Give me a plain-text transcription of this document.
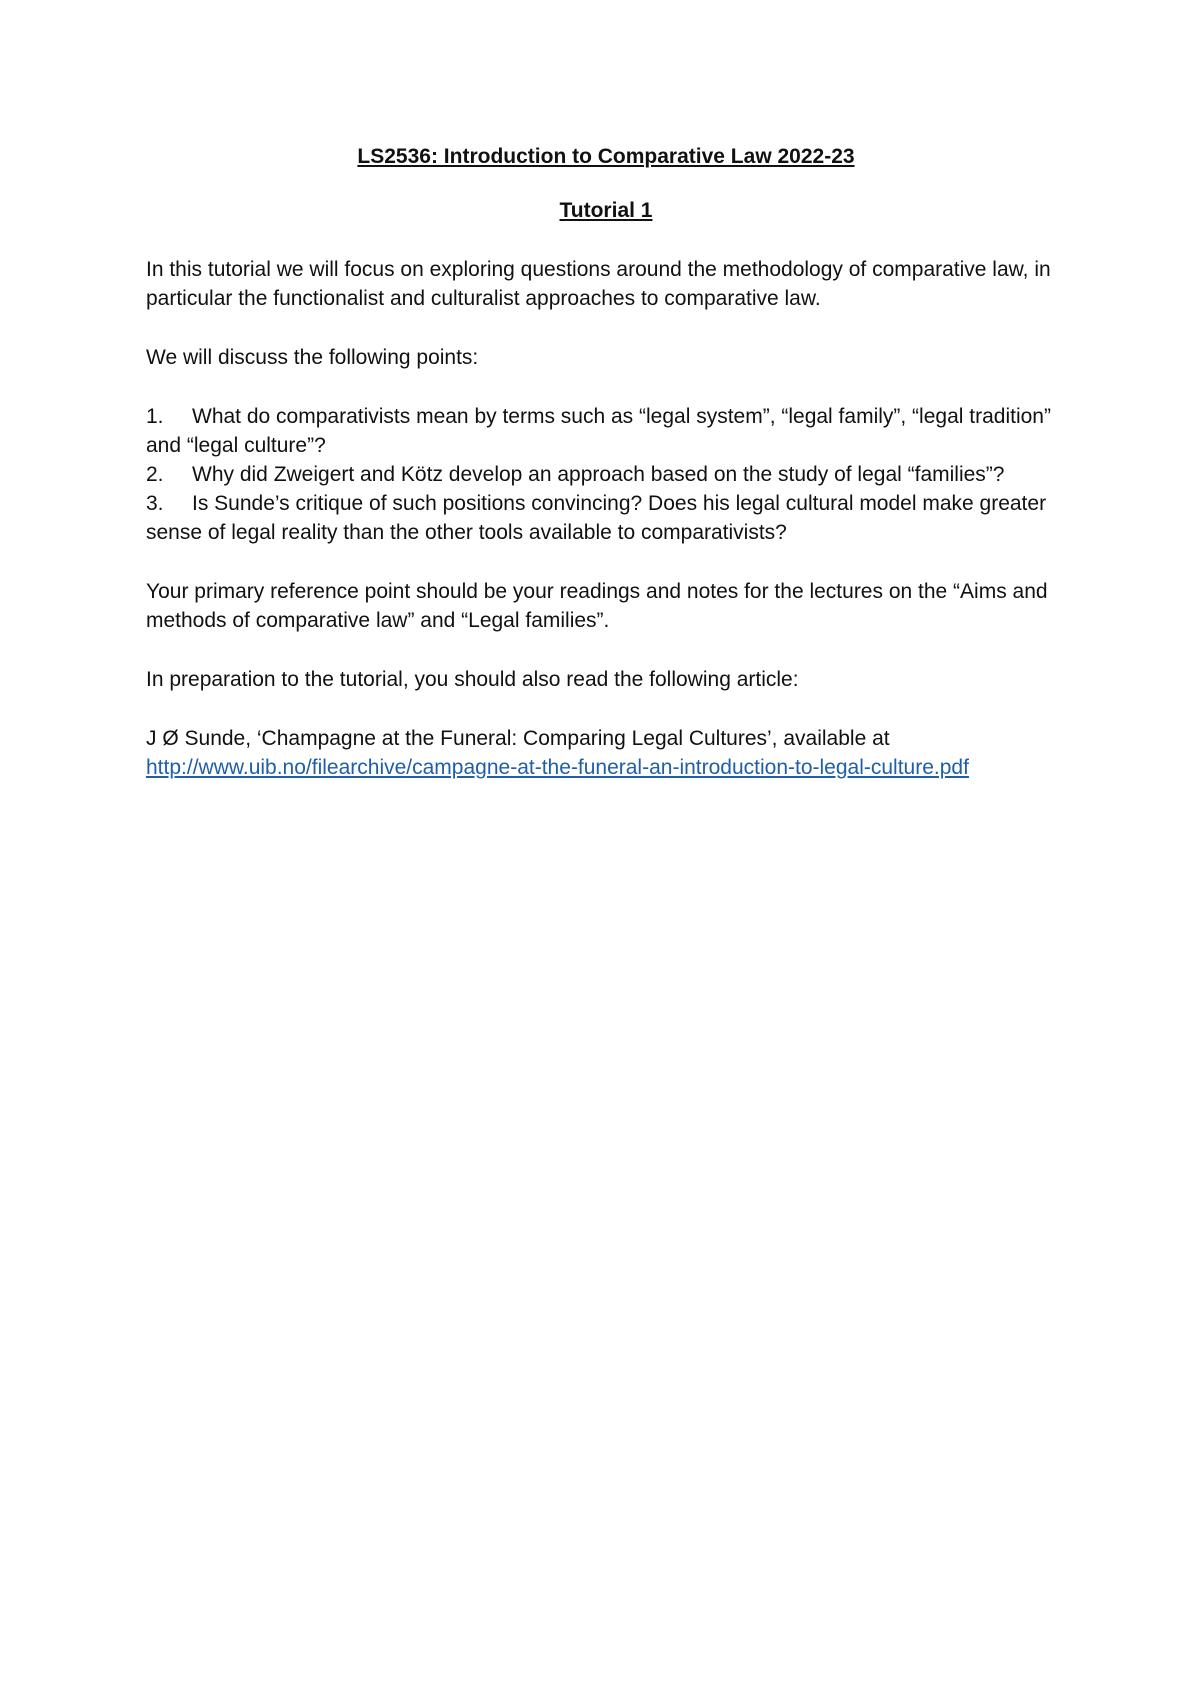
LS2536: Introduction to Comparative Law 2022-23
Tutorial 1

In this tutorial we will focus on exploring questions around the methodology of comparative law, in particular the functionalist and culturalist approaches to comparative law.

We will discuss the following points:

1. What do comparativists mean by terms such as “legal system”, “legal family”, “legal tradition” and “legal culture”?
2. Why did Zweigert and Kötz develop an approach based on the study of legal “families”?
3. Is Sunde’s critique of such positions convincing? Does his legal cultural model make greater sense of legal reality than the other tools available to comparativists?

Your primary reference point should be your readings and notes for the lectures on the “Aims and methods of comparative law” and “Legal families”.

In preparation to the tutorial, you should also read the following article:

J Ø Sunde, ‘Champagne at the Funeral: Comparing Legal Cultures’, available at
http://www.uib.no/filearchive/campagne-at-the-funeral-an-introduction-to-legal-culture.pdf
